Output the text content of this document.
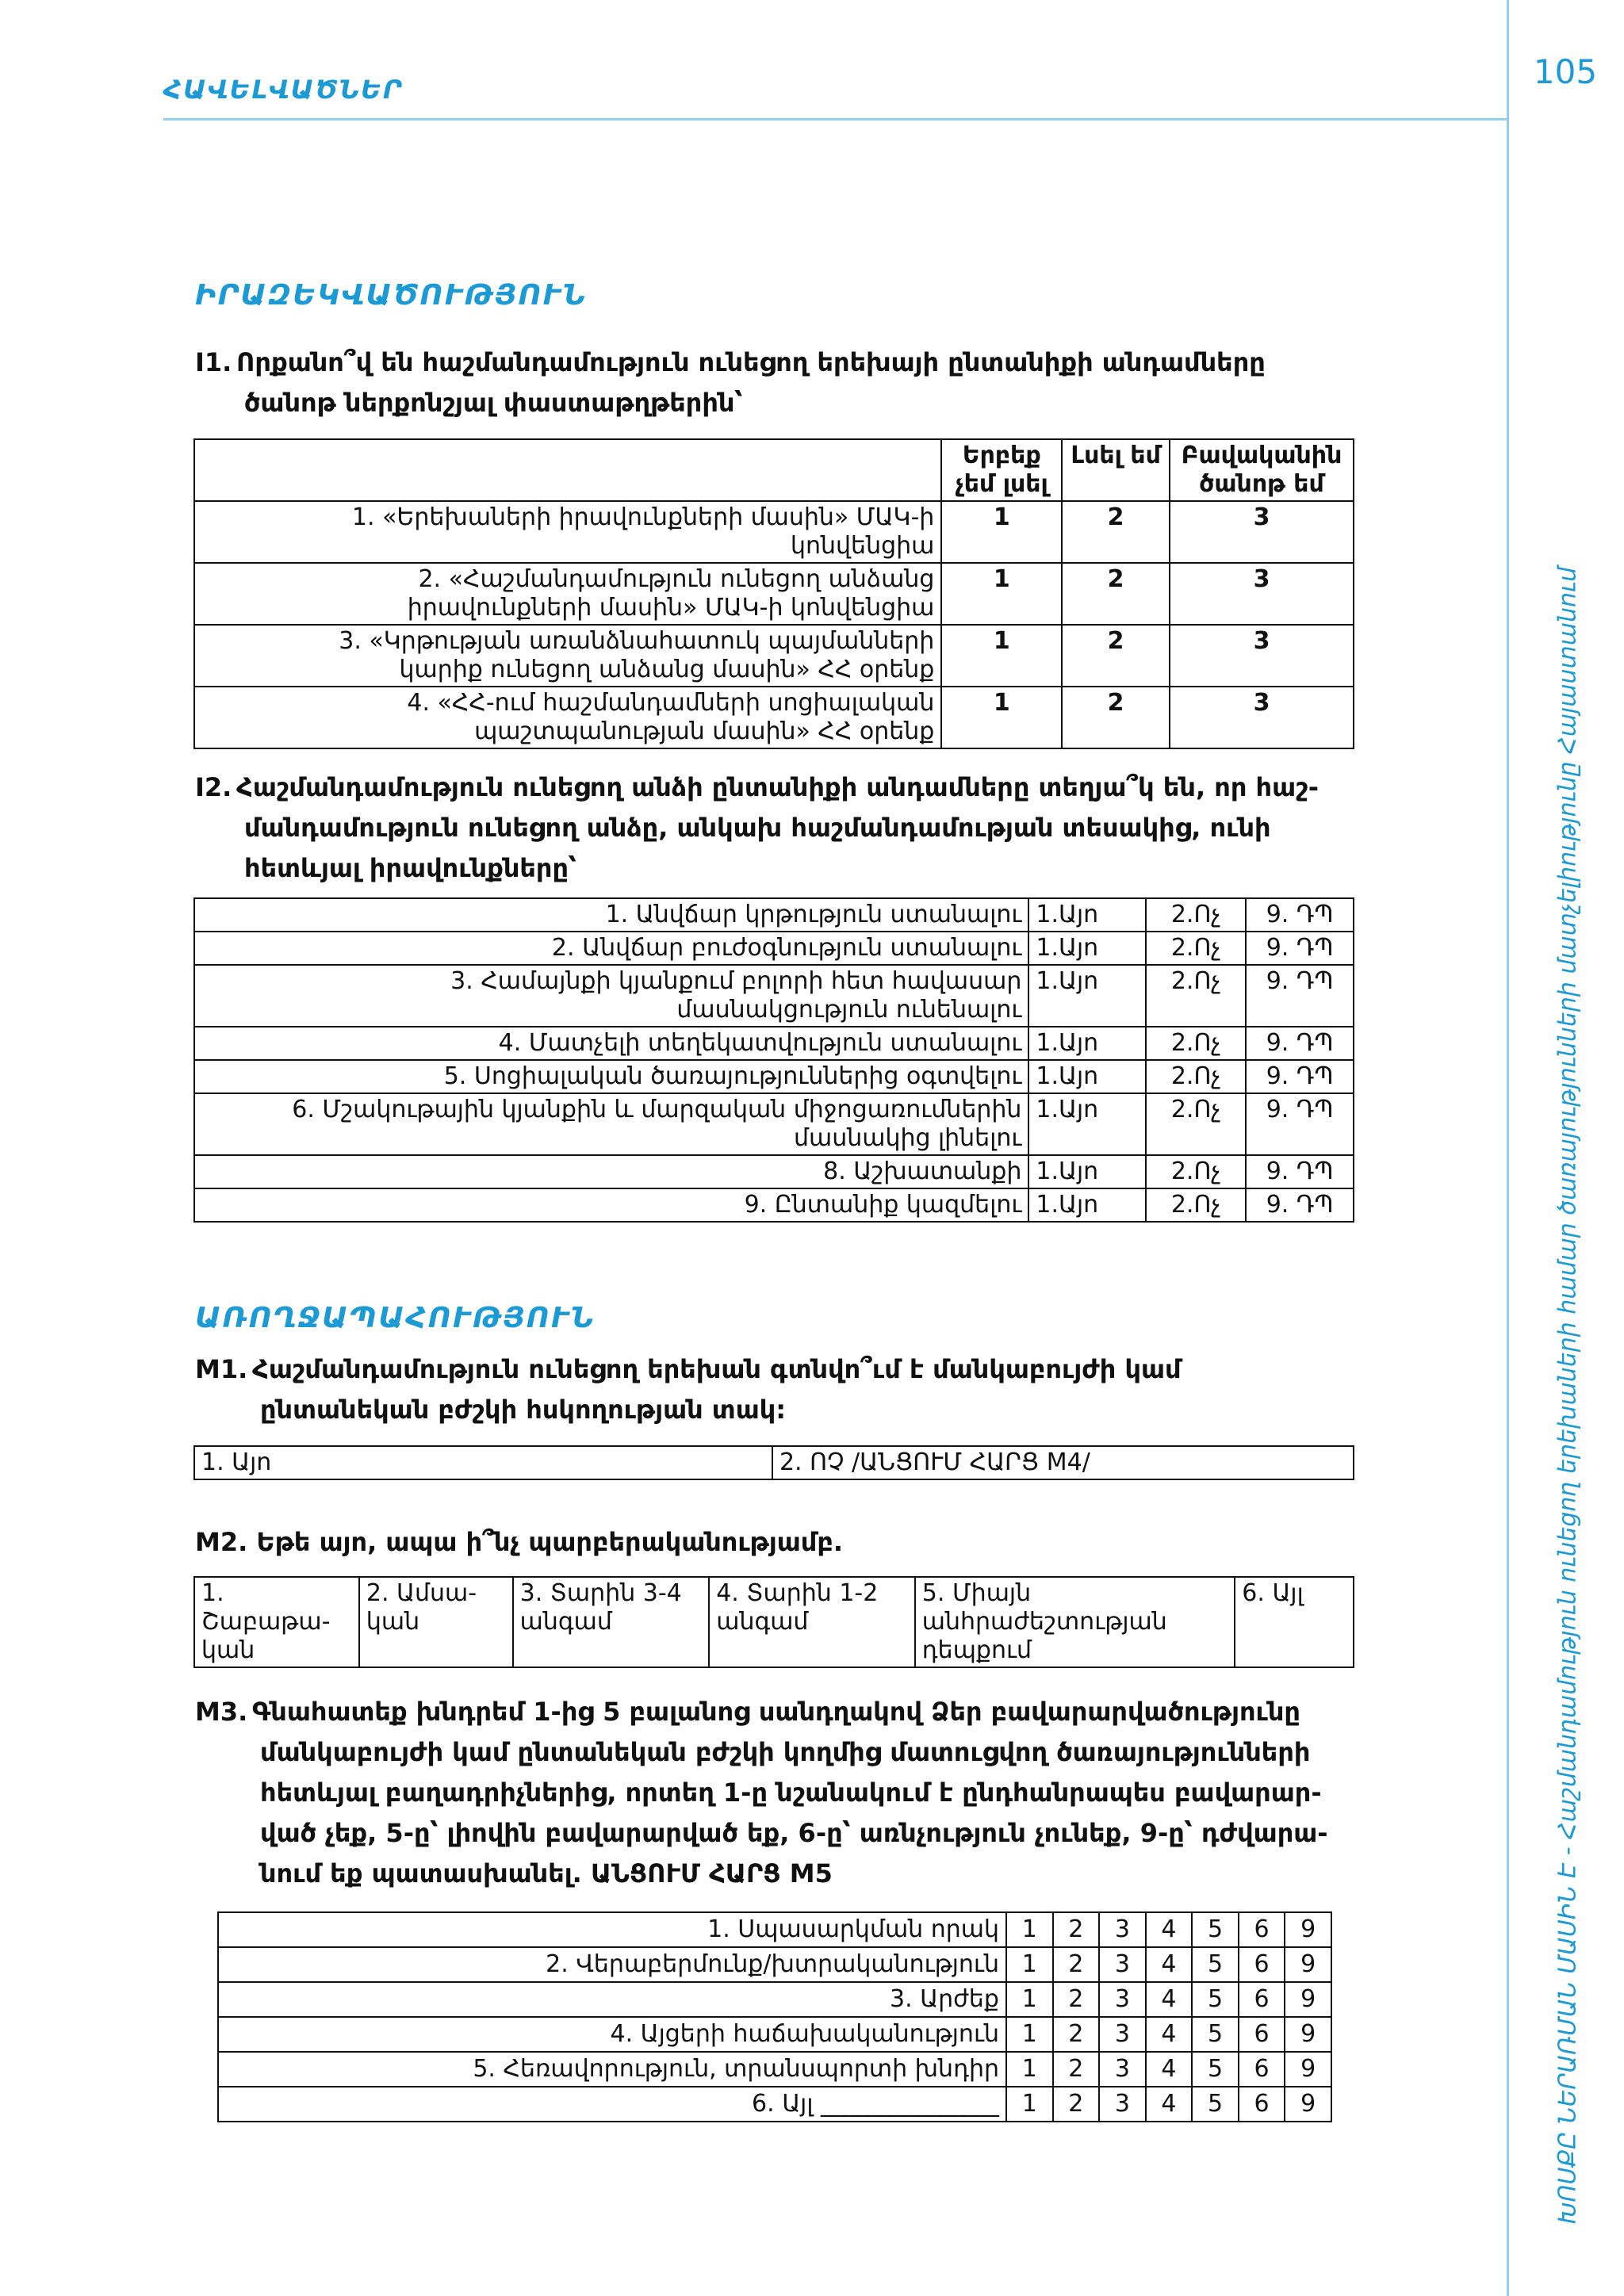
ՀԱՎԵԼՎԱԾՆԵՐ	105
ԽՈՍՔԸ ՆԵՐԱՌՄԱՆ ՄԱՍԻՆ Է - Հաշմանդամություն ունեցող երեխաների համար ծառայությունների մատչելիությունը Հայաստանում
ԻՐԱԶԵԿՎԱԾՈՒԹՅՈՒՆ
I1. Որքանո՞վ են հաշմանդամություն ունեցող երեխայի ընտանիքի անդամները ծանոթ ներքոնշյալ փաստաթղթերին՝
	Երբեք չեմ լսել	Լսել եմ	Բավականին ծանոթ եմ
1. «Երեխաների իրավունքների մասին» ՄԱԿ-ի կոնվենցիա	1	2	3
2. «Հաշմանդամություն ունեցող անձանց իրավունքների մասին» ՄԱԿ-ի կոնվենցիա	1	2	3
3. «Կրթության առանձնահատուկ պայմանների կարիք ունեցող անձանց մասին» ՀՀ օրենք	1	2	3
4. «ՀՀ-ում հաշմանդամների սոցիալական պաշտպանության մասին» ՀՀ օրենք	1	2	3
I2. Հաշմանդամություն ունեցող անձի ընտանիքի անդամները տեղյա՞կ են, որ հաշմանդամություն ունեցող անձը, անկախ հաշմանդամության տեսակից, ունի հետևյալ իրավունքները՝
1. Անվճար կրթություն ստանալու	1.Այո	2.Ոչ	9. ԴՊ
2. Անվճար բուժօգնություն ստանալու	1.Այո	2.Ոչ	9. ԴՊ
3. Համայնքի կյանքում բոլորի հետ հավասար մասնակցություն ունենալու	1.Այո	2.Ոչ	9. ԴՊ
4. Մատչելի տեղեկատվություն ստանալու	1.Այո	2.Ոչ	9. ԴՊ
5. Սոցիալական ծառայություններից օգտվելու	1.Այո	2.Ոչ	9. ԴՊ
6. Մշակութային կյանքին և մարզական միջոցառումներին մասնակից լինելու	1.Այո	2.Ոչ	9. ԴՊ
8. Աշխատանքի	1.Այո	2.Ոչ	9. ԴՊ
9. Ընտանիք կազմելու	1.Այո	2.Ոչ	9. ԴՊ
ԱՌՈՂՋԱՊԱՀՈՒԹՅՈՒՆ
M1. Հաշմանդամություն ունեցող երեխան գտնվո՞ւմ է մանկաբույժի կամ ընտանեկան բժշկի հսկողության տակ:
1. Այո	2. ՈՉ /ԱՆՑՈՒՄ ՀԱՐՑ M4/
M2. Եթե այո, ապա ի՞նչ պարբերականությամբ.
1. Շաբաթական	2. Ամսական	3. Տարին 3-4 անգամ	4. Տարին 1-2 անգամ	5. Միայն անհրաժեշտության դեպքում	6. Այլ
M3. Գնահատեք խնդրեմ 1-ից 5 բալանոց սանդղակով Ձեր բավարարվածությունը մանկաբույժի կամ ընտանեկան բժշկի կողմից մատուցվող ծառայությունների հետևյալ բաղադրիչներից, որտեղ 1-ը նշանակում է ընդհանրապես բավարարված չեք, 5-ը՝ լիովին բավարարված եք, 6-ը՝ առնչություն չունեք, 9-ը՝ դժվարանում եք պատասխանել. ԱՆՑՈՒՄ ՀԱՐՑ M5
1. Սպասարկման որակ	1	2	3	4	5	6	9
2. Վերաբերմունք/խտրականություն	1	2	3	4	5	6	9
3. Արժեք	1	2	3	4	5	6	9
4. Այցերի հաճախականություն	1	2	3	4	5	6	9
5. Հեռավորություն, տրանսպորտի խնդիր	1	2	3	4	5	6	9
6. Այլ _______________	1	2	3	4	5	6	9
